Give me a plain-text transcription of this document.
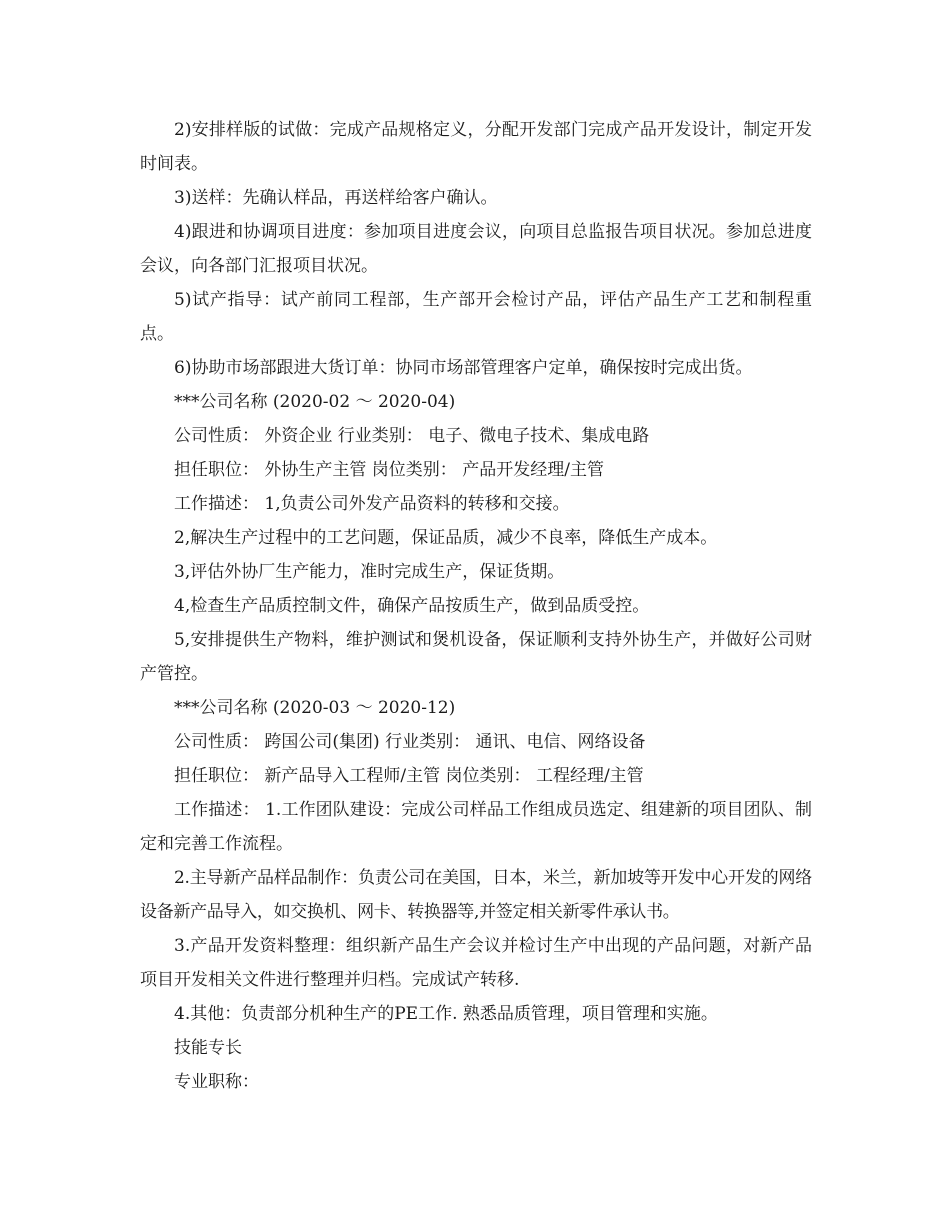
2)安排样版的试做：完成产品规格定义，分配开发部门完成产品开发设计，制定开发时间表。

3)送样：先确认样品，再送样给客户确认。

4)跟进和协调项目进度：参加项目进度会议，向项目总监报告项目状况。参加总进度会议，向各部门汇报项目状况。

5)试产指导：试产前同工程部，生产部开会检讨产品，评估产品生产工艺和制程重点。

6)协助市场部跟进大货订单：协同市场部管理客户定单，确保按时完成出货。

***公司名称 (2020-02 ～ 2020-04)

公司性质： 外资企业 行业类别： 电子、微电子技术、集成电路

担任职位： 外协生产主管 岗位类别： 产品开发经理/主管

工作描述： 1,负责公司外发产品资料的转移和交接。

2,解决生产过程中的工艺问题，保证品质，减少不良率，降低生产成本。

3,评估外协厂生产能力，准时完成生产，保证货期。

4,检查生产品质控制文件，确保产品按质生产，做到品质受控。

5,安排提供生产物料，维护测试和煲机设备，保证顺利支持外协生产，并做好公司财产管控。

***公司名称 (2020-03 ～ 2020-12)

公司性质： 跨国公司(集团) 行业类别： 通讯、电信、网络设备

担任职位： 新产品导入工程师/主管 岗位类别： 工程经理/主管

工作描述： 1.工作团队建设：完成公司样品工作组成员选定、组建新的项目团队、制定和完善工作流程。

2.主导新产品样品制作：负责公司在美国，日本，米兰，新加坡等开发中心开发的网络设备新产品导入，如交换机、网卡、转换器等,并签定相关新零件承认书。

3.产品开发资料整理：组织新产品生产会议并检讨生产中出现的产品问题，对新产品项目开发相关文件进行整理并归档。完成试产转移.

4.其他：负责部分机种生产的PE工作. 熟悉品质管理，项目管理和实施。

技能专长

专业职称：
